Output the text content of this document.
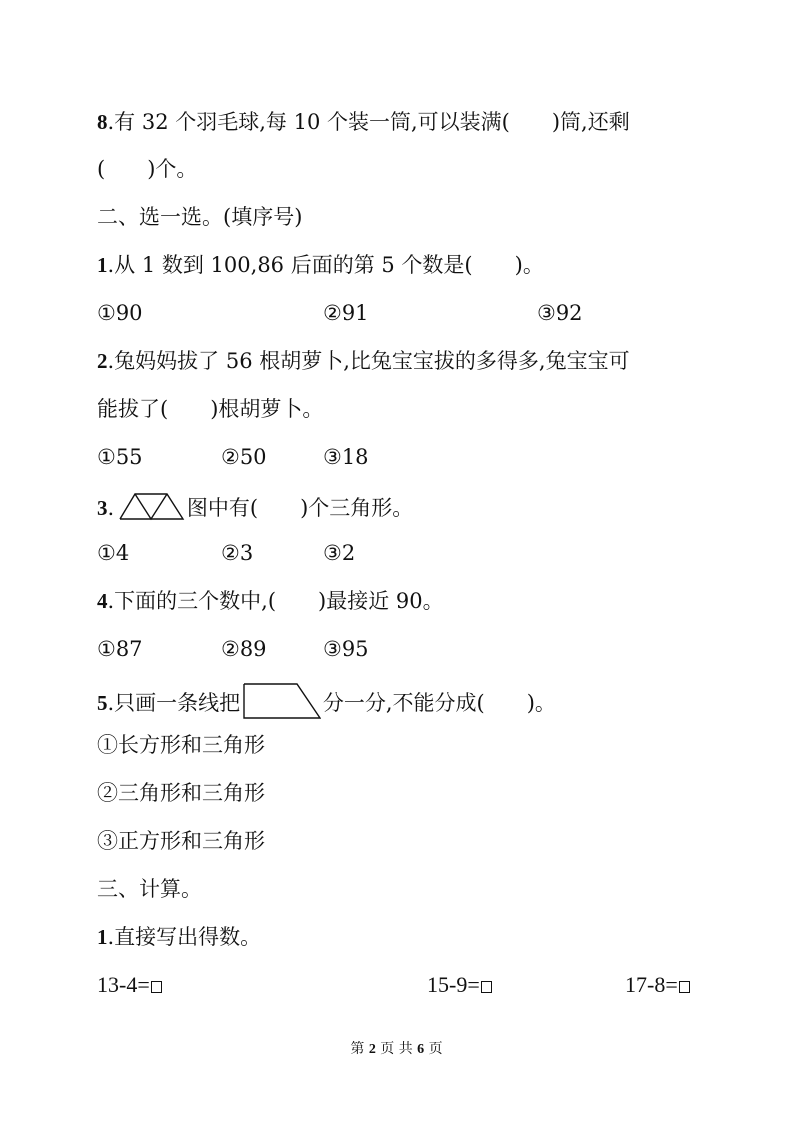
8.有 32 个羽毛球,每 10 个装一筒,可以装满(　　)筒,还剩
(　　)个。
二、选一选。(填序号)
1.从 1 数到 100,86 后面的第 5 个数是(　　)。
①90	②91	③92
2.兔妈妈拔了 56 根胡萝卜,比兔宝宝拔的多得多,兔宝宝可
能拔了(　　)根胡萝卜。
①55	②50	③18
3.	图中有(　　)个三角形。
①4	②3	③2
4.下面的三个数中,(　　)最接近 90。
①87	②89	③95
5.只画一条线把	分一分,不能分成(　　)。
①长方形和三角形
②三角形和三角形
③正方形和三角形
三、计算。
1.直接写出得数。
13-4=	15-9=	17-8=
第 2 页 共 6 页
